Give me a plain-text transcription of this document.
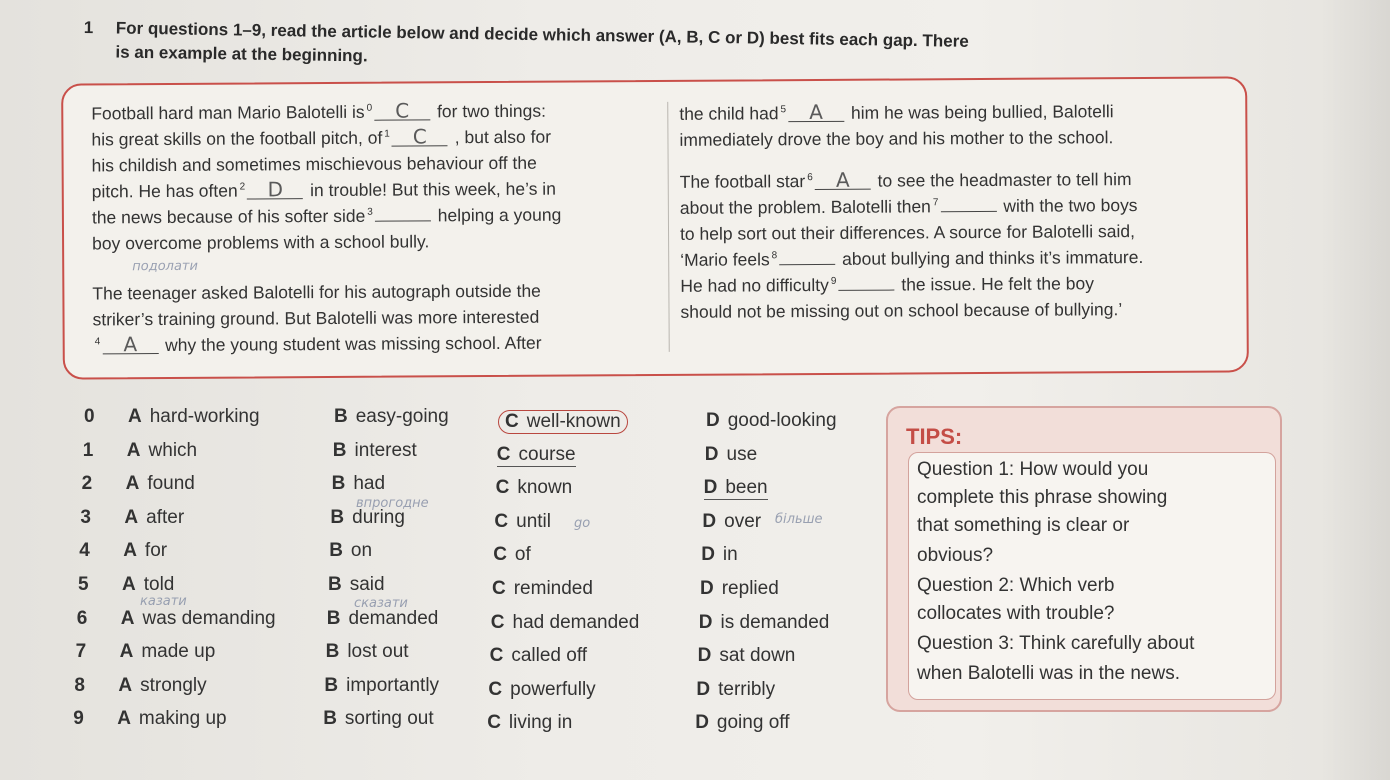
1 For questions 1–9, read the article below and decide which answer (A, B, C or D) best fits each gap. There is an example at the beginning.
Football hard man Mario Balotelli is $^0$ C for two things:
his great skills on the football pitch, of $^1$ C , but also for
his childish and sometimes mischievous behaviour off the
pitch. He has often $^2$ D in trouble! But this week, he’s in
the news because of his softer side $^3$	helping a young
boy overcome problems with a school bully.
The teenager asked Balotelli for his autograph outside the
striker’s training ground. But Balotelli was more interested
$^4$ A why the young student was missing school. After
the child had $^5$ A him he was being bullied, Balotelli
immediately drove the boy and his mother to the school.
The football star $^6$ A to see the headmaster to tell him
about the problem. Balotelli then $^7$	with the two boys
to help sort out their differences. A source for Balotelli said,
‘Mario feels $^8$	about bullying and thinks it’s immature.
He had no difficulty $^9$	the issue. He felt the boy
should not be missing out on school because of bullying.’
подолати
0 A hard-working	B easy-going	C well-known	D good-looking
1 A which	B interest	C course	D use
2 A found	B had	C known	D been
3 A after	B during	C until	D over
4 A for	B on	C of	D in
5 A told	B said	C reminded	D replied
6 A was demanding	B demanded	C had demanded	D is demanded
7 A made up	B lost out	C called off	D sat down
8 A strongly	B importantly	C powerfully	D terribly
9 A making up	B sorting out	C living in	D going off
впрогодне
go	більше
казати	сказати
TIPS:
Question 1: How would you
complete this phrase showing
that something is clear or
obvious?
Question 2: Which verb
collocates with trouble?
Question 3: Think carefully about
when Balotelli was in the news.
